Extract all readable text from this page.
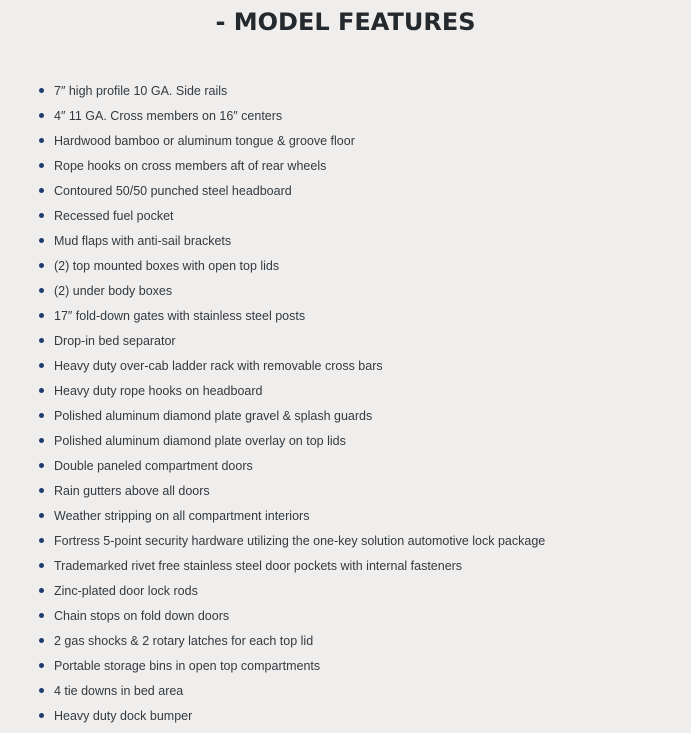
- MODEL FEATURES
7″ high profile 10 GA. Side rails
4″ 11 GA. Cross members on 16″ centers
Hardwood bamboo or aluminum tongue & groove floor
Rope hooks on cross members aft of rear wheels
Contoured 50/50 punched steel headboard
Recessed fuel pocket
Mud flaps with anti-sail brackets
(2) top mounted boxes with open top lids
(2) under body boxes
17″ fold-down gates with stainless steel posts
Drop-in bed separator
Heavy duty over-cab ladder rack with removable cross bars
Heavy duty rope hooks on headboard
Polished aluminum diamond plate gravel & splash guards
Polished aluminum diamond plate overlay on top lids
Double paneled compartment doors
Rain gutters above all doors
Weather stripping on all compartment interiors
Fortress 5-point security hardware utilizing the one-key solution automotive lock package
Trademarked rivet free stainless steel door pockets with internal fasteners
Zinc-plated door lock rods
Chain stops on fold down doors
2 gas shocks & 2 rotary latches for each top lid
Portable storage bins in open top compartments
4 tie downs in bed area
Heavy duty dock bumper
